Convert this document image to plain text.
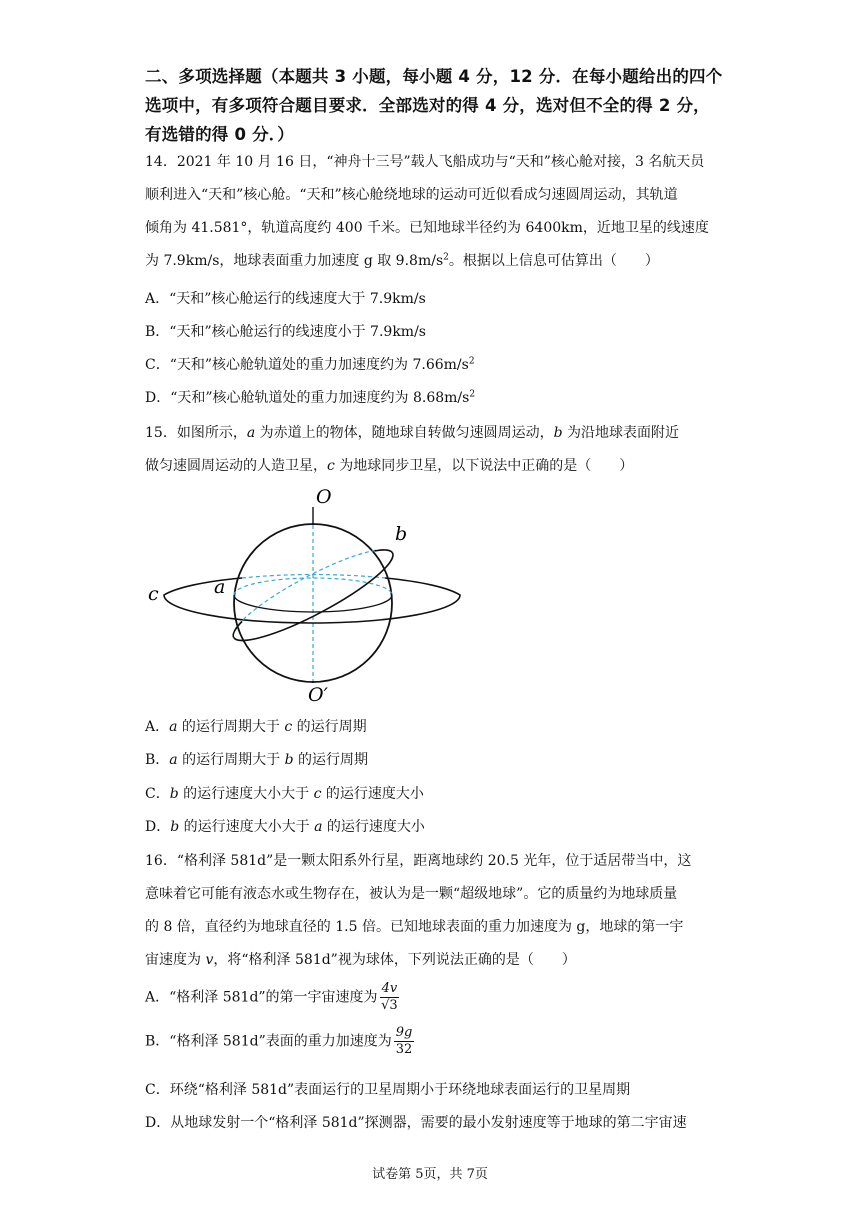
二、多项选择题（本题共 3 小题，每小题 4 分，12 分．在每小题给出的四个
选项中，有多项符合题目要求．全部选对的得 4 分，选对但不全的得 2 分，
有选错的得 0 分．）
14．2021 年 10 月 16 日，“神舟十三号”载人飞船成功与“天和”核心舱对接，3 名航天员
顺利进入“天和”核心舱。“天和”核心舱绕地球的运动可近似看成匀速圆周运动，其轨道
倾角为 41.581°，轨道高度约 400 千米。已知地球半径约为 6400km，近地卫星的线速度
为 7.9km/s，地球表面重力加速度 g 取 $9.8m/s^2$。根据以上信息可估算出（　　）
A．“天和”核心舱运行的线速度大于 7.9km/s
B．“天和”核心舱运行的线速度小于 7.9km/s
C．“天和”核心舱轨道处的重力加速度约为 $7.66m/s^2$
D．“天和”核心舱轨道处的重力加速度约为 $8.68m/s^2$
15．如图所示，a 为赤道上的物体，随地球自转做匀速圆周运动，b 为沿地球表面附近
做匀速圆周运动的人造卫星，c 为地球同步卫星，以下说法中正确的是（　　）
O
O′
a
b
c
A．a 的运行周期大于 c 的运行周期
B．a 的运行周期大于 b 的运行周期
C．b 的运行速度大小大于 c 的运行速度大小
D．b 的运行速度大小大于 a 的运行速度大小
16．“格利泽 581d”是一颗太阳系外行星，距离地球约 20.5 光年，位于适居带当中，这
意味着它可能有液态水或生物存在，被认为是一颗“超级地球”。它的质量约为地球质量
的 8 倍，直径约为地球直径的 1.5 倍。已知地球表面的重力加速度为 g，地球的第一宇
宙速度为 v，将“格利泽 581d”视为球体，下列说法正确的是（　　）
A．“格利泽 581d”的第一宇宙速度为 $\frac{4v}{√3}$
B．“格利泽 581d”表面的重力加速度为 $\frac{9g}{32}$
C．环绕“格利泽 581d”表面运行的卫星周期小于环绕地球表面运行的卫星周期
D．从地球发射一个“格利泽 581d”探测器，需要的最小发射速度等于地球的第二宇宙速
试卷第 5页，共 7页
